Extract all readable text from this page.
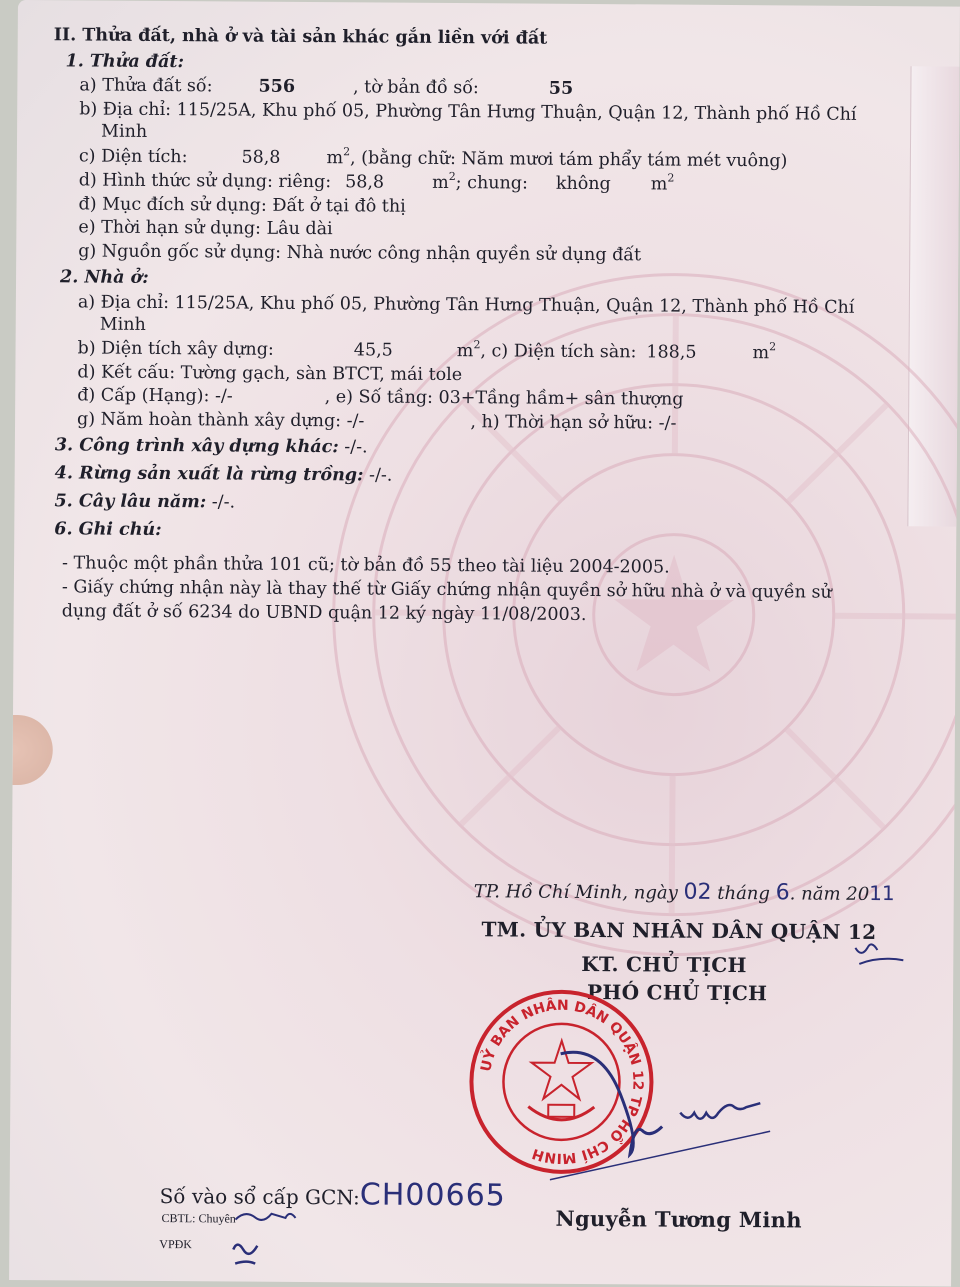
II. Thửa đất, nhà ở và tài sản khác gắn liền với đất
1. Thửa đất:
a) Thửa đất số:	556	, tờ bản đồ số:	55
b) Địa chỉ: 115/25A, Khu phố 05, Phường Tân Hưng Thuận, Quận 12, Thành phố Hồ Chí
Minh
c) Diện tích:	58,8	$m^2$, (bằng chữ: Năm mươi tám phẩy tám mét vuông)
d) Hình thức sử dụng: riêng: 58,8	$m^2$; chung: không $m^2$
đ) Mục đích sử dụng: Đất ở tại đô thị
e) Thời hạn sử dụng: Lâu dài
g) Nguồn gốc sử dụng: Nhà nước công nhận quyền sử dụng đất
2. Nhà ở:
a) Địa chỉ: 115/25A, Khu phố 05, Phường Tân Hưng Thuận, Quận 12, Thành phố Hồ Chí
Minh
b) Diện tích xây dựng:	45,5	$m^2$, c) Diện tích sàn: 188,5	$m^2$
d) Kết cấu: Tường gạch, sàn BTCT, mái tole
đ) Cấp (Hạng): -/-	, e) Số tầng: 03+Tầng hầm+ sân thượng
g) Năm hoàn thành xây dựng: -/-	, h) Thời hạn sở hữu: -/-
3. Công trình xây dựng khác: -/-.
4. Rừng sản xuất là rừng trồng: -/-.
5. Cây lâu năm: -/-.
6. Ghi chú:
- Thuộc một phần thửa 101 cũ; tờ bản đồ 55 theo tài liệu 2004-2005.
- Giấy chứng nhận này là thay thế từ Giấy chứng nhận quyền sở hữu nhà ở và quyền sử
dụng đất ở số 6234 do UBND quận 12 ký ngày 11/08/2003.
TP. Hồ Chí Minh, ngày 02 tháng 6. năm 2011
TM. ỦY BAN NHÂN DÂN QUẬN 12
KT. CHỦ TỊCH
PHÓ CHỦ TỊCH
UỶ BAN NHÂN DÂN QUẬN 12 TP HỒ CHÍ MINH
Nguyễn Tương Minh
Số vào sổ cấp GCN:CH00665
CBTL: Chuyên
VPĐK
